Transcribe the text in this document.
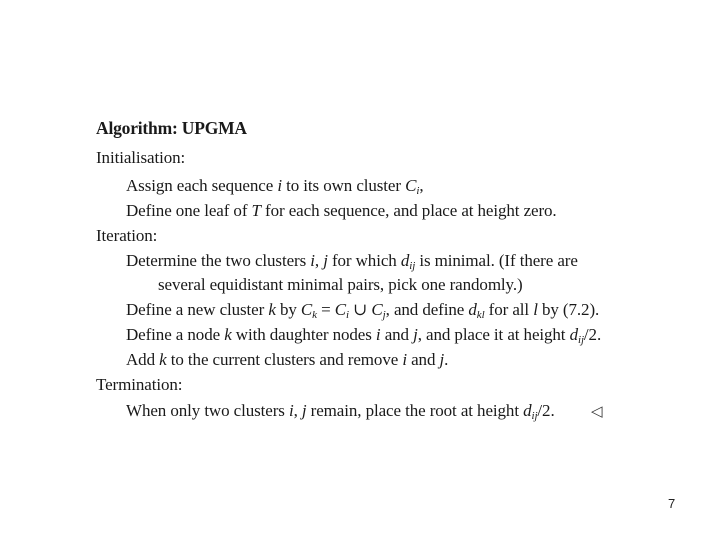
Algorithm: UPGMA
Initialisation:
Assign each sequence i to its own cluster $C_i$,
Define one leaf of T for each sequence, and place at height zero.
Iteration:
Determine the two clusters i, j for which $d_{ij}$ is minimal. (If there are
several equidistant minimal pairs, pick one randomly.)
Define a new cluster k by $C_k = C_i$ ∪ $C_j$, and define $d_{kl}$ for all l by (7.2).
Define a node k with daughter nodes i and j, and place it at height $d_{ij}/2$.
Add k to the current clusters and remove i and j.
Termination:
When only two clusters i, j remain, place the root at height $d_{ij}/2$. ◁
7
